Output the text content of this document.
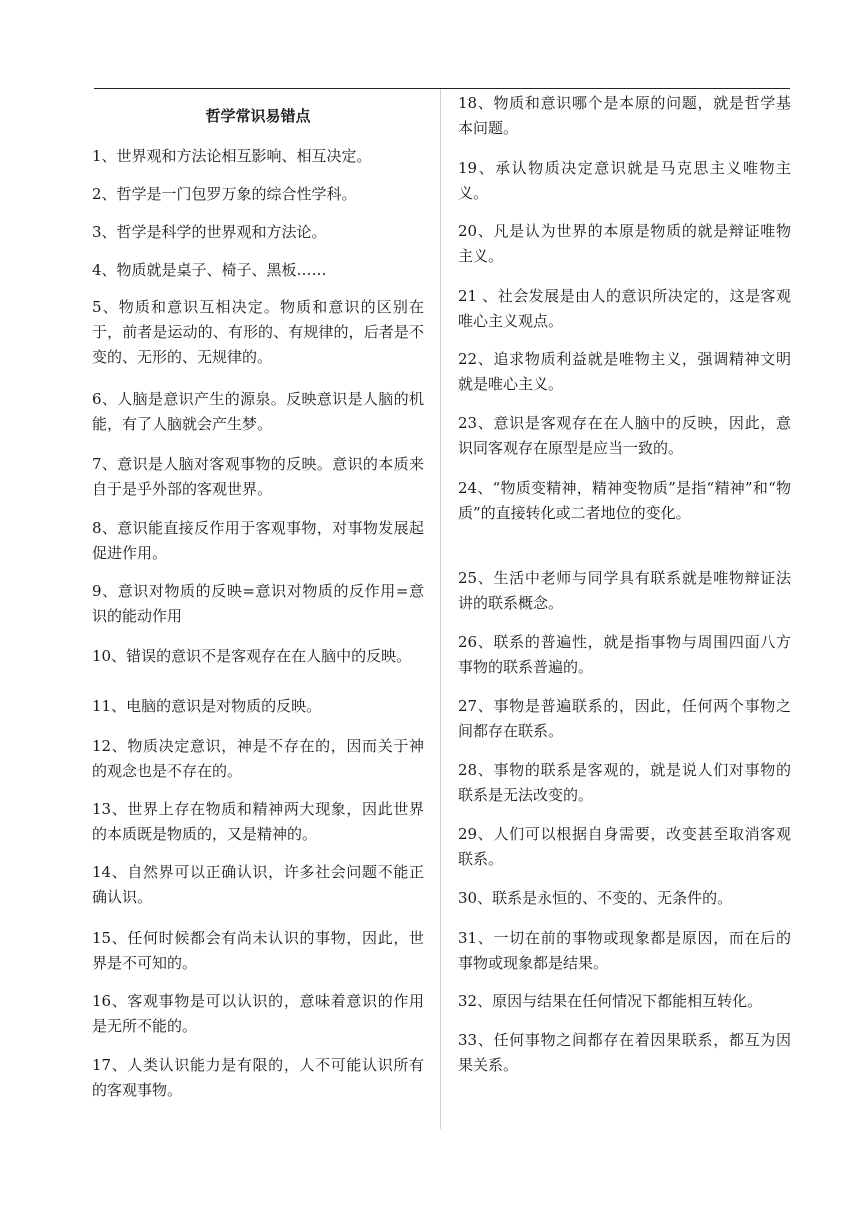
哲学常识易错点

1、世界观和方法论相互影响、相互决定。

2、哲学是一门包罗万象的综合性学科。

3、哲学是科学的世界观和方法论。

4、物质就是桌子、椅子、黑板……

5、物质和意识互相决定。物质和意识的区别在于，前者是运动的、有形的、有规律的，后者是不变的、无形的、无规律的。

6、人脑是意识产生的源泉。反映意识是人脑的机能，有了人脑就会产生梦。

7、意识是人脑对客观事物的反映。意识的本质来自于是乎外部的客观世界。

8、意识能直接反作用于客观事物，对事物发展起促进作用。

9、意识对物质的反映=意识对物质的反作用=意识的能动作用

10、错误的意识不是客观存在在人脑中的反映。

11、电脑的意识是对物质的反映。

12、物质决定意识，神是不存在的，因而关于神的观念也是不存在的。

13、世界上存在物质和精神两大现象，因此世界的本质既是物质的，又是精神的。

14、自然界可以正确认识，许多社会问题不能正确认识。

15、任何时候都会有尚未认识的事物，因此，世界是不可知的。

16、客观事物是可以认识的，意味着意识的作用是无所不能的。

17、人类认识能力是有限的，人不可能认识所有的客观事物。

18、物质和意识哪个是本原的问题，就是哲学基本问题。

19、承认物质决定意识就是马克思主义唯物主义。

20、凡是认为世界的本原是物质的就是辩证唯物主义。

21 、社会发展是由人的意识所决定的，这是客观唯心主义观点。

22、追求物质利益就是唯物主义，强调精神文明就是唯心主义。

23、意识是客观存在在人脑中的反映，因此，意识同客观存在原型是应当一致的。

24、“物质变精神，精神变物质”是指“精神”和“物质”的直接转化或二者地位的变化。

25、生活中老师与同学具有联系就是唯物辩证法讲的联系概念。

26、联系的普遍性，就是指事物与周围四面八方事物的联系普遍的。

27、事物是普遍联系的，因此，任何两个事物之间都存在联系。

28、事物的联系是客观的，就是说人们对事物的联系是无法改变的。

29、人们可以根据自身需要，改变甚至取消客观联系。

30、联系是永恒的、不变的、无条件的。

31、一切在前的事物或现象都是原因，而在后的事物或现象都是结果。

32、原因与结果在任何情况下都能相互转化。

33、任何事物之间都存在着因果联系，都互为因果关系。
